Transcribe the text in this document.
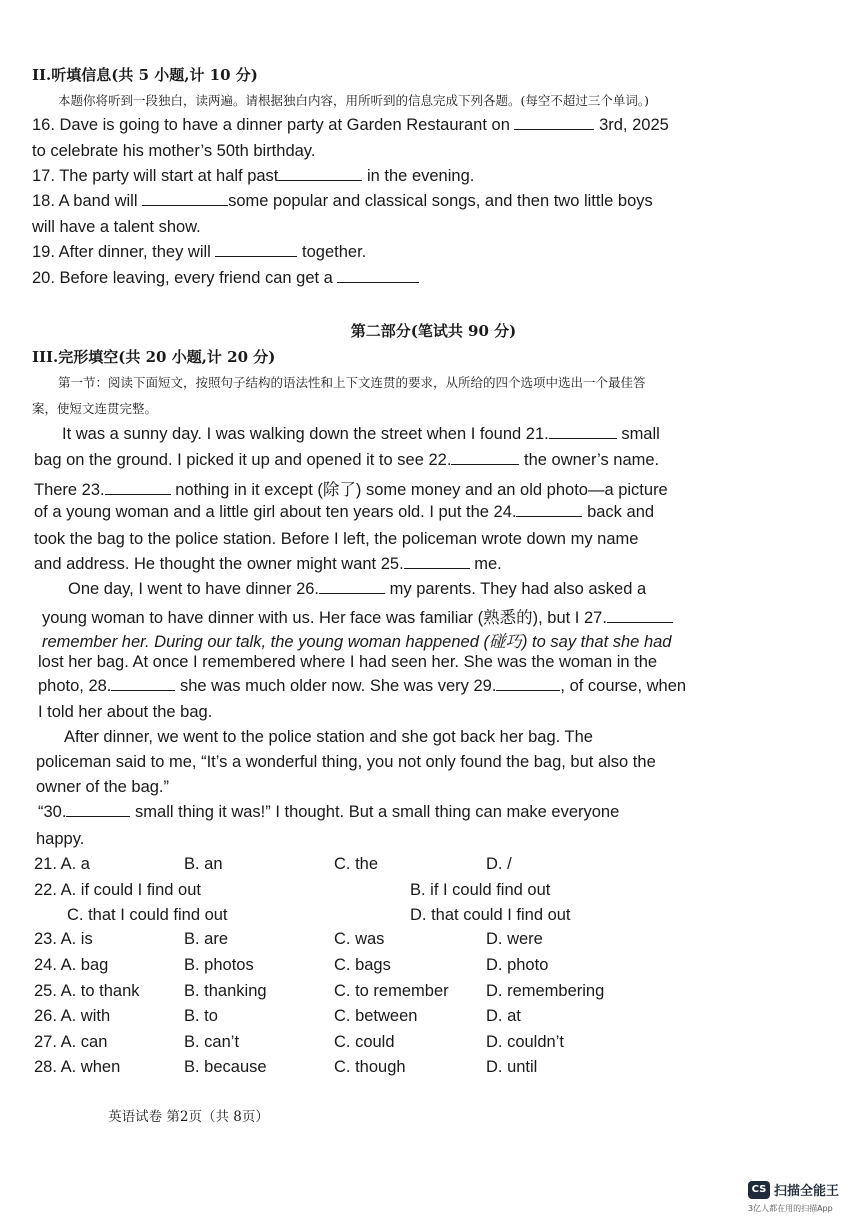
II.听填信息(共 5 小题,计 10 分)
本题你将听到一段独白，读两遍。请根据独白内容，用所听到的信息完成下列各题。(每空不超过三个单词。)
16. Dave is going to have a dinner party at Garden Restaurant on	3rd, 2025
to celebrate his mother’s 50th birthday.
17. The party will start at half past	in the evening.
18. A band will	some popular and classical songs, and then two little boys
will have a talent show.
19. After dinner, they will	together.
20. Before leaving, every friend can get a
第二部分(笔试共 90 分)
III.完形填空(共 20 小题,计 20 分)
第一节：阅读下面短文，按照句子结构的语法性和上下文连贯的要求，从所给的四个选项中选出一个最佳答
案，使短文连贯完整。
It was a sunny day. I was walking down the street when I found 21.	small
bag on the ground. I picked it up and opened it to see 22.	the owner’s name.
There 23.	nothing in it except (除了) some money and an old photo—a picture
of a young woman and a little girl about ten years old. I put the 24.	back and
took the bag to the police station. Before I left, the policeman wrote down my name
and address. He thought the owner might want 25.	me.
One day, I went to have dinner 26.	my parents. They had also asked a
young woman to have dinner with us. Her face was familiar (熟悉的), but I 27.
remember her. During our talk, the young woman happened (碰巧) to say that she had
lost her bag. At once I remembered where I had seen her. She was the woman in the
photo, 28.	she was much older now. She was very 29.	, of course, when
I told her about the bag.
After dinner, we went to the police station and she got back her bag. The
policeman said to me, “It’s a wonderful thing, you not only found the bag, but also the
owner of the bag.”
“30.	small thing it was!” I thought. But a small thing can make everyone
happy.
21. A. a	B. an	C. the	D. /
22. A. if could I find out	B. if I could find out
C. that I could find out	D. that could I find out
23. A. is	B. are	C. was	D. were
24. A. bag	B. photos	C. bags	D. photo
25. A. to thank	B. thanking	C. to remember D. remembering
26. A. with	B. to	C. between	D. at
27. A. can	B. can’t	C. could	D. couldn’t
28. A. when	B. because	C. though	D. until
英语试卷 第2页（共 8页）
CS 扫描全能王
3亿人都在用的扫描App
